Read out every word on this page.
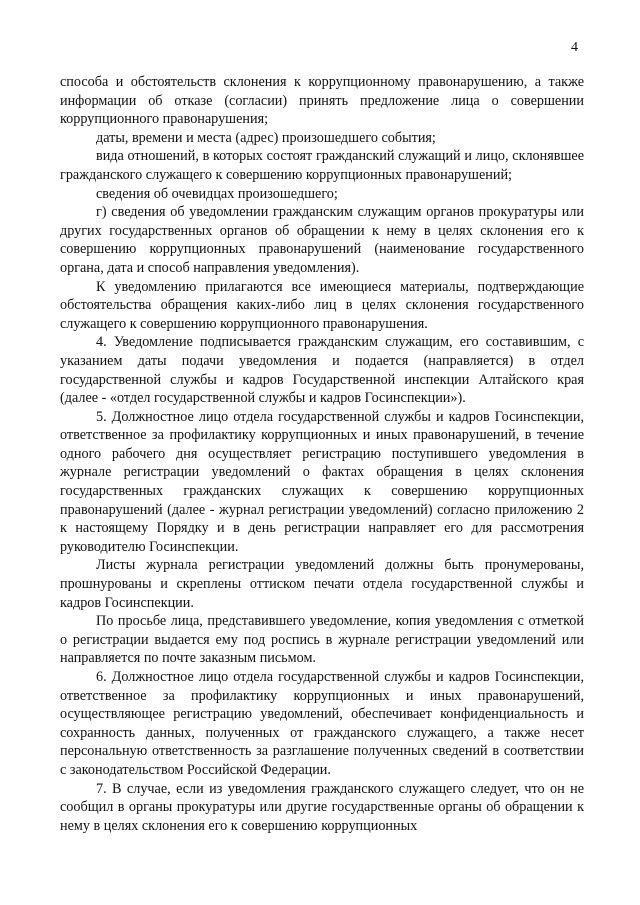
4

способа и обстоятельств склонения к коррупционному правонарушению, а также информации об отказе (согласии) принять предложение лица о совершении коррупционного правонарушения;

даты, времени и места (адрес) произошедшего события;

вида отношений, в которых состоят гражданский служащий и лицо, склонявшее гражданского служащего к совершению коррупционных правонарушений;

сведения об очевидцах произошедшего;

г) сведения об уведомлении гражданским служащим органов прокуратуры или других государственных органов об обращении к нему в целях склонения его к совершению коррупционных правонарушений (наименование государственного органа, дата и способ направления уведомления).

К уведомлению прилагаются все имеющиеся материалы, подтверждающие обстоятельства обращения каких-либо лиц в целях склонения государственного служащего к совершению коррупционного правонарушения.

4. Уведомление подписывается гражданским служащим, его составившим, с указанием даты подачи уведомления и подается (направляется) в отдел государственной службы и кадров Государственной инспекции Алтайского края (далее - «отдел государственной службы и кадров Госинспекции»).

5. Должностное лицо отдела государственной службы и кадров Госинспекции, ответственное за профилактику коррупционных и иных правонарушений, в течение одного рабочего дня осуществляет регистрацию поступившего уведомления в журнале регистрации уведомлений о фактах обращения в целях склонения государственных гражданских служащих к совершению коррупционных правонарушений (далее - журнал регистрации уведомлений) согласно приложению 2 к настоящему Порядку и в день регистрации направляет его для рассмотрения руководителю Госинспекции.

Листы журнала регистрации уведомлений должны быть пронумерованы, прошнурованы и скреплены оттиском печати отдела государственной службы и кадров Госинспекции.

По просьбе лица, представившего уведомление, копия уведомления с отметкой о регистрации выдается ему под роспись в журнале регистрации уведомлений или направляется по почте заказным письмом.

6. Должностное лицо отдела государственной службы и кадров Госинспекции, ответственное за профилактику коррупционных и иных правонарушений, осуществляющее регистрацию уведомлений, обеспечивает конфиденциальность и сохранность данных, полученных от гражданского служащего, а также несет персональную ответственность за разглашение полученных сведений в соответствии с законодательством Российской Федерации.

7. В случае, если из уведомления гражданского служащего следует, что он не сообщил в органы прокуратуры или другие государственные органы об обращении к нему в целях склонения его к совершению коррупционных
